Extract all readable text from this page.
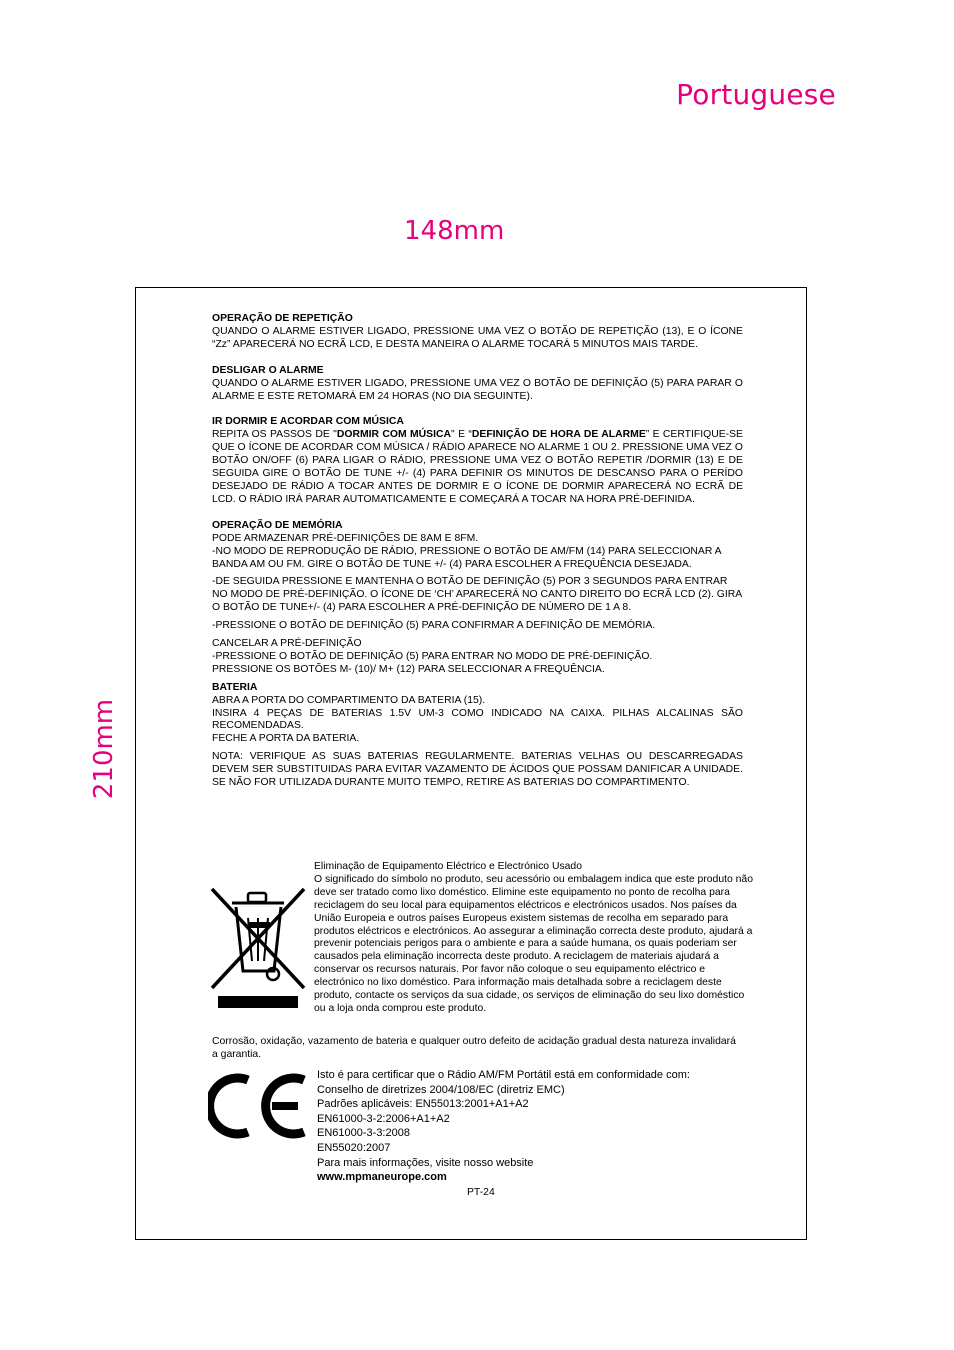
Portuguese
148mm
210mm

OPERAÇÃO DE REPETIÇÃO

QUANDO O ALARME ESTIVER LIGADO, PRESSIONE UMA VEZ O BOTÃO DE REPETIÇÃO (13), E O ÍCONE “Zz” APARECERÁ NO ECRÃ LCD, E DESTA MANEIRA O ALARME TOCARÁ 5 MINUTOS MAIS TARDE.

DESLIGAR O ALARME

QUANDO O ALARME ESTIVER LIGADO, PRESSIONE UMA VEZ O BOTÃO DE DEFINIÇÃO (5) PARA PARAR O ALARME E ESTE RETOMARÁ EM 24 HORAS (NO DIA SEGUINTE).

IR DORMIR E ACORDAR COM MÚSICA

REPITA OS PASSOS DE "DORMIR COM MÚSICA" E “DEFINIÇÃO DE HORA DE ALARME” E CERTIFIQUE-SE QUE O ÍCONE DE ACORDAR COM MÚSICA / RÁDIO APARECE NO ALARME 1 OU 2. PRESSIONE UMA VEZ O BOTÃO ON/OFF (6) PARA LIGAR O RÁDIO, PRESSIONE UMA VEZ O BOTÃO REPETIR /DORMIR (13) E DE SEGUIDA GIRE O BOTÃO DE TUNE +/- (4) PARA DEFINIR OS MINUTOS DE DESCANSO PARA O PERÍDO DESEJADO DE RÁDIO A TOCAR ANTES DE DORMIR E O ÍCONE DE DORMIR APARECERÁ NO ECRÃ DE LCD. O RÁDIO IRÁ PARAR AUTOMATICAMENTE E COMEÇARÁ A TOCAR NA HORA PRÉ-DEFINIDA.

OPERAÇÃO DE MEMÓRIA

PODE ARMAZENAR PRÉ-DEFINIÇÕES DE 8AM E 8FM.

-NO MODO DE REPRODUÇÃO DE RÁDIO, PRESSIONE O BOTÃO DE AM/FM (14) PARA SELECCIONAR A BANDA AM OU FM. GIRE O BOTÃO DE TUNE +/- (4) PARA ESCOLHER A FREQUÊNCIA DESEJADA.

-DE SEGUIDA PRESSIONE E MANTENHA O BOTÃO DE DEFINIÇÃO (5) POR 3 SEGUNDOS PARA ENTRAR NO MODO DE PRÉ-DEFINIÇÃO. O ÍCONE DE ‘CH’ APARECERÁ NO CANTO DIREITO DO ECRÃ LCD (2). GIRA O BOTÃO DE TUNE+/- (4) PARA ESCOLHER A PRÉ-DEFINIÇÃO DE NÚMERO DE 1 A 8.

-PRESSIONE O BOTÃO DE DEFINIÇÃO (5) PARA CONFIRMAR A DEFINIÇÃO DE MEMÓRIA.

CANCELAR A PRÉ-DEFINIÇÃO

-PRESSIONE O BOTÃO DE DEFINIÇÃO (5) PARA ENTRAR NO MODO DE PRÉ-DEFINIÇÃO.

PRESSIONE OS BOTÕES M- (10)/ M+ (12) PARA SELECCIONAR A FREQUÊNCIA.

BATERIA

ABRA A PORTA DO COMPARTIMENTO DA BATERIA (15).

INSIRA 4 PEÇAS DE BATERIAS 1.5V UM-3 COMO INDICADO NA CAIXA. PILHAS ALCALINAS SÃO RECOMENDADAS.

FECHE A PORTA DA BATERIA.

NOTA: VERIFIQUE AS SUAS BATERIAS REGULARMENTE. BATERIAS VELHAS OU DESCARREGADAS DEVEM SER SUBSTITUIDAS PARA EVITAR VAZAMENTO DE ÁCIDOS QUE POSSAM DANIFICAR A UNIDADE. SE NÃO FOR UTILIZADA DURANTE MUITO TEMPO, RETIRE AS BATERIAS DO COMPARTIMENTO.

Eliminação de Equipamento Eléctrico e Electrónico Usado

O significado do símbolo no produto, seu acessório ou embalagem indica que este produto não deve ser tratado como lixo doméstico. Elimine este equipamento no ponto de recolha para reciclagem do seu local para equipamentos eléctricos e electrónicos usados. Nos países da União Europeia e outros países Europeus existem sistemas de recolha em separado para produtos eléctricos e electrónicos. Ao assegurar a eliminação correcta deste produto, ajudará a prevenir potenciais perigos para o ambiente e para a saúde humana, os quais poderiam ser causados pela eliminação incorrecta deste produto. A reciclagem de materiais ajudará a conservar os recursos naturais. Por favor não coloque o seu equipamento eléctrico e electrónico no lixo doméstico. Para informação mais detalhada sobre a reciclagem deste produto, contacte os serviços da sua cidade, os serviços de eliminação do seu lixo doméstico ou a loja onda comprou este produto.

Corrosão, oxidação, vazamento de bateria e qualquer outro defeito de acidação gradual desta natureza invalidará a garantia.

Isto é para certificar que o Rádio AM/FM Portátil está em conformidade com:
Conselho de diretrizes 2004/108/EC (diretriz EMC)
Padrões aplicáveis: EN55013:2001+A1+A2
EN61000-3-2:2006+A1+A2
EN61000-3-3:2008
EN55020:2007
Para mais informações, visite nosso website
www.mpmaneurope.com
PT-24
